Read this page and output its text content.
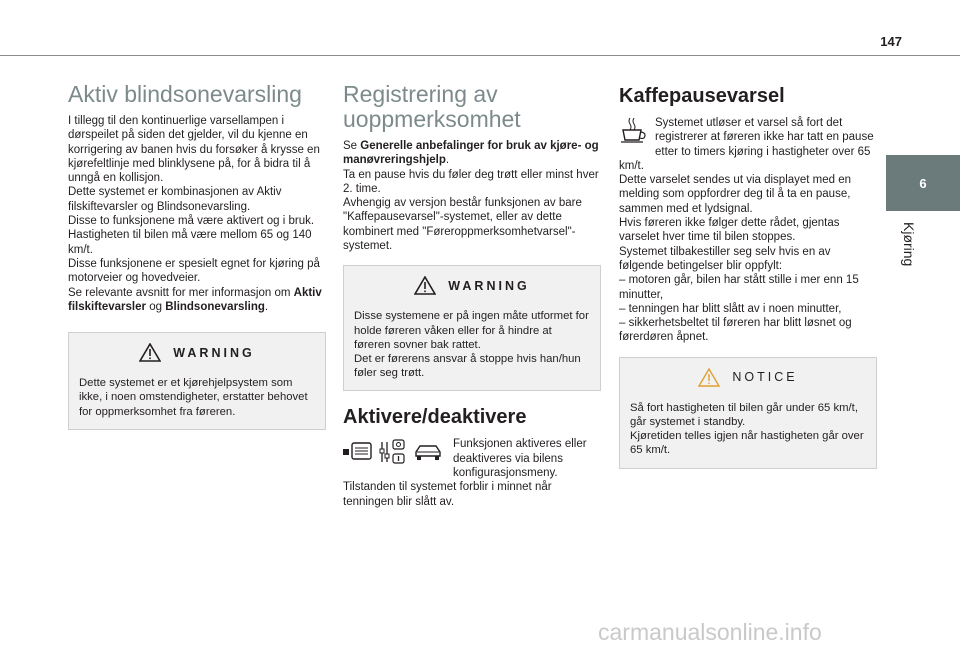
147
6
Kjøring
Aktiv blindsonevarsling

I tillegg til den kontinuerlige varsellampen i dørspeilet på siden det gjelder, vil du kjenne en korrigering av banen hvis du forsøker å krysse en kjørefeltlinje med blinklysene på, for å bidra til å unngå en kollisjon.

Dette systemet er kombinasjonen av Aktiv filskiftevarsler og Blindsonevarsling.

Disse to funksjonene må være aktivert og i bruk.

Hastigheten til bilen må være mellom 65 og 140 km/t.

Disse funksjonene er spesielt egnet for kjøring på motorveier og hovedveier.

Se relevante avsnitt for mer informasjon om Aktiv filskiftevarsler og Blindsonevarsling.

WARNING

Dette systemet er et kjørehjelpsystem som ikke, i noen omstendigheter, erstatter behovet for oppmerksomhet fra føreren.

Registrering av uoppmerksomhet

Se Generelle anbefalinger for bruk av kjøre- og manøvreringshjelp.

Ta en pause hvis du føler deg trøtt eller minst hver 2. time.

Avhengig av versjon består funksjonen av bare "Kaffepausevarsel"-systemet, eller av dette kombinert med "Føreroppmerksomhetvarsel"-systemet.

WARNING

Disse systemene er på ingen måte utformet for holde føreren våken eller for å hindre at føreren sovner bak rattet.

Det er førerens ansvar å stoppe hvis han/hun føler seg trøtt.

Aktivere/deaktivere

Funksjonen aktiveres eller deaktiveres via bilens konfigurasjonsmeny.

Tilstanden til systemet forblir i minnet når tenningen blir slått av.

Kaffepausevarsel

Systemet utløser et varsel så fort det registrerer at føreren ikke har tatt en pause etter to timers kjøring i hastigheter over 65 km/t.

Dette varselet sendes ut via displayet med en melding som oppfordrer deg til å ta en pause, sammen med et lydsignal.

Hvis føreren ikke følger dette rådet, gjentas varselet hver time til bilen stoppes.

Systemet tilbakestiller seg selv hvis en av følgende betingelser blir oppfylt:

– motoren går, bilen har stått stille i mer enn 15 minutter,

– tenningen har blitt slått av i noen minutter,

– sikkerhetsbeltet til føreren har blitt løsnet og førerdøren åpnet.

NOTICE

Så fort hastigheten til bilen går under 65 km/t, går systemet i standby.

Kjøretiden telles igjen når hastigheten går over 65 km/t.

carmanualsonline.info
